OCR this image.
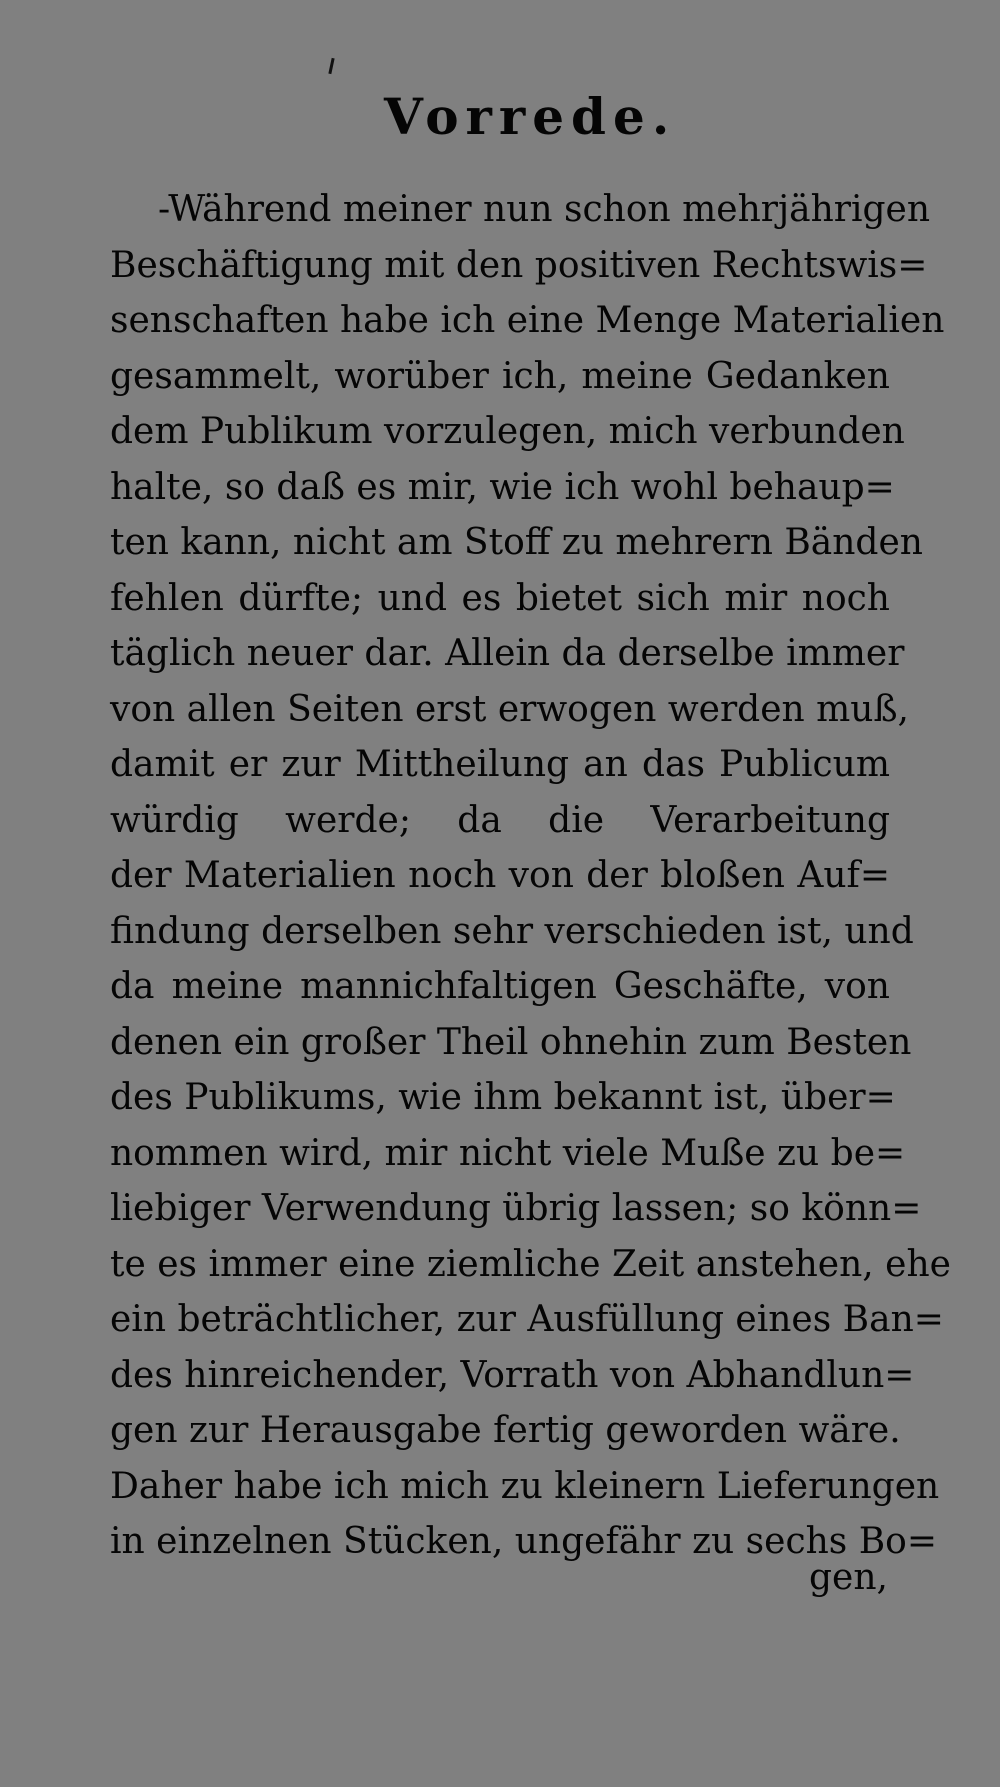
Vorrede.
-Während meiner nun schon mehrjährigen
Beschäftigung mit den positiven Rechtswis=
senschaften habe ich eine Menge Materialien
gesammelt, worüber ich, meine Gedanken
dem Publikum vorzulegen, mich verbunden
halte, so daß es mir, wie ich wohl behaup=
ten kann, nicht am Stoff zu mehrern Bänden
fehlen dürfte; und es bietet sich mir noch
täglich neuer dar. Allein da derselbe immer
von allen Seiten erst erwogen werden muß,
damit er zur Mittheilung an das Publicum
würdig werde; da die Verarbeitung
der Materialien noch von der bloßen Auf=
findung derselben sehr verschieden ist, und
da meine mannichfaltigen Geschäfte, von
denen ein großer Theil ohnehin zum Besten
des Publikums, wie ihm bekannt ist, über=
nommen wird, mir nicht viele Muße zu be=
liebiger Verwendung übrig lassen; so könn=
te es immer eine ziemliche Zeit anstehen, ehe
ein beträchtlicher, zur Ausfüllung eines Ban=
des hinreichender, Vorrath von Abhandlun=
gen zur Herausgabe fertig geworden wäre.
Daher habe ich mich zu kleinern Lieferungen
in einzelnen Stücken, ungefähr zu sechs Bo=
gen,
